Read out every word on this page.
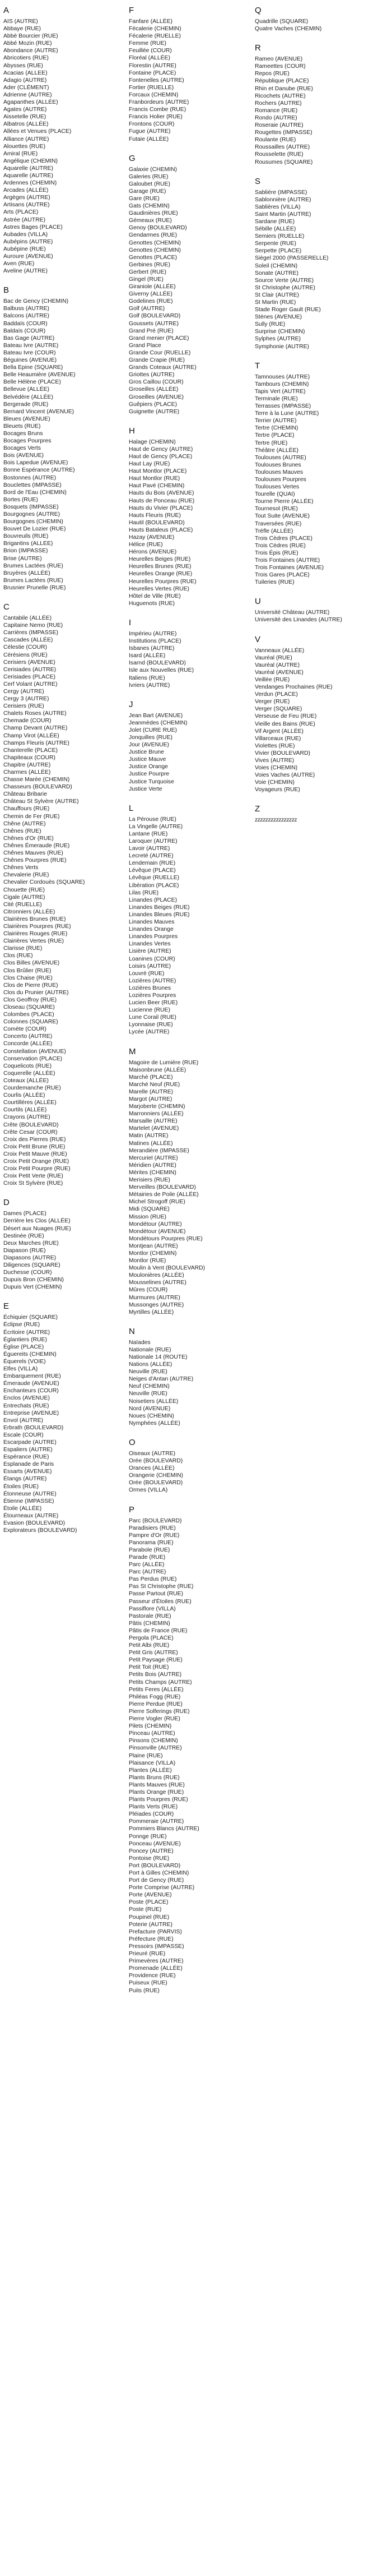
A
AIS (AUTRE)
Abbaye (RUE)
Abbé Bourcier (RUE)
Abbé Mozin (RUE)
Abondance (AUTRE)
Abricotiers (RUE)
Abysses (RUE)
Acacias (ALLEE)
Adagio (AUTRE)
Ader (CLÉMENT)
Adrienne (AUTRE)
Agapanthes (ALLÉE)
Agates (AUTRE)
Aissetelle (RUE)
Albatros (ALLÉE)
Allées et Venues (PLACE)
Alliance (AUTRE)
Alouettes (RUE)
Amiral (RUE)
Angélique (CHEMIN)
Aquarelle (AUTRE)
Aquarelle (AUTRE)
Ardennes (CHEMIN)
Arcades (ALLÉE)
Argèges (AUTRE)
Artisans (AUTRE)
Arts (PLACE)
Astrée (AUTRE)
Astres Bages (PLACE)
Aubades (VILLA)
Aubépins (AUTRE)
Aubépine (RUE)
Auroure (AVENUE)
Aven (RUE)
Aveline (AUTRE)
B
Bac de Gency (CHEMIN)
Balbuss (AUTRE)
Balcons (AUTRE)
Baddaïs (COUR)
Baldaïs (COUR)
Bas Gage (AUTRE)
Bateau Ivre (AUTRE)
Bateau Ivre (COUR)
Béguines (AVENUE)
Bella Epine (SQUARE)
Belle Heaumière (AVENUE)
Belle Hélène (PLACE)
Bellevue (ALLÉE)
Belvédère (ALLÉE)
Bergerade (RUE)
Bernard Vincent (AVENUE)
Bleues (AVENUE)
Bleuets (RUE)
Bocages Bruns
Bocages Pourpres
Bocages Verts
Bois (AVENUE)
Bois Lapedue (AVENUE)
Bonne Espérance (AUTRE)
Bostonnes (AUTRE)
Bouclettes (IMPASSE)
Bord de l'Eau (CHEMIN)
Bortes (RUE)
Bosquets (IMPASSE)
Bourgognes (AUTRE)
Bourgognes (CHEMIN)
Bouvet De Lozier (RUE)
Bouvreuils (RUE)
Brigantins (ALLEE)
Brion (IMPASSE)
Brise (AUTRE)
Brumes Lactées (RUE)
Bruyères (ALLÉE)
Brumes Lactées (RUE)
Brusnier Prunelle (RUE)
C
Cantabile (ALLÉE)
Capitaine Nemo (RUE)
Carrières (IMPASSE)
Cascades (ALLÉE)
Célestie (COUR)
Cérésiens (RUE)
Cerisiers (AVENUE)
Cerisiades (AUTRE)
Cerisiades (PLACE)
Cerf Volant (AUTRE)
Cergy (AUTRE)
Cergy 3 (AUTRE)
Cerisiers (RUE)
Chalets Roses (AUTRE)
Chemade (COUR)
Champ Devant (AUTRE)
Champ Virot (ALLÉE)
Champs Fleuris (AUTRE)
Chanterelle (PLACE)
Chapiteaux (COUR)
Chapitre (AUTRE)
Charmes (ALLÉE)
Chasse Marée (CHEMIN)
Chasseurs (BOULEVARD)
Château Bribarie
Château St Sylvère (AUTRE)
Chauffours (RUE)
Chemin de Fer (RUE)
Chêne (AUTRE)
Chênes (RUE)
Chênes d'Or (RUE)
Chênes Émeraude (RUE)
Chênes Mauves (RUE)
Chênes Pourpres (RUE)
Chênes Verts
Chevalerie (RUE)
Chevalier Cordouès (SQUARE)
Chouette (RUE)
Cigale (AUTRE)
Cité (RUELLE)
Citronniers (ALLÉE)
Clairières Brunes (RUE)
Clairières Pourpres (RUE)
Clairières Rouges (RUE)
Clairières Vertes (RUE)
Clarisse (RUE)
Clos (RUE)
Clos Billes (AVENUE)
Clos Brûlier (RUE)
Clos Chaise (RUE)
Clos de Pierre (RUE)
Clos du Prunier (AUTRE)
Clos Geoffroy (RUE)
Closeau (SQUARE)
Colombes (PLACE)
Colonnes (SQUARE)
Comète (COUR)
Concerto (AUTRE)
Concorde (ALLÉE)
Constellation (AVENUE)
Conservation (PLACE)
Coquelicots (RUE)
Coquerelle (ALLÉE)
Coteaux (ALLÉE)
Courdemanche (RUE)
Courlis (ALLÉE)
Courtillères (ALLÉE)
Courtils (ALLÉE)
Crayons (AUTRE)
Crête (BOULEVARD)
Crête Cesar (COUR)
Croix des Pierres (RUE)
Croix Petit Brune (RUE)
Croix Petit Mauve (RUE)
Croix Petit Orange (RUE)
Croix Petit Pourpre (RUE)
Croix Petit Verte (RUE)
Croix St Sylvère (RUE)
D
Dames (PLACE)
Derrière les Clos (ALLÉE)
Désert aux Nuages (RUE)
Destinée (RUE)
Deux Marches (RUE)
Diapason (RUE)
Diapasons (AUTRE)
Diligences (SQUARE)
Duchesse (COUR)
Dupuis Bron (CHEMIN)
Dupuis Vert (CHEMIN)
E
Échiquier (SQUARE)
Éclipse (RUE)
Écritoire (AUTRE)
Églantiers (RUE)
Église (PLACE)
Éguereits (CHEMIN)
Équerels (VOIE)
Elfes (VILLA)
Embarquement (RUE)
Émeraude (AVENUE)
Enchanteurs (COUR)
Enclos (AVENUE)
Entrechats (RUE)
Entreprise (AVENUE)
Envol (AUTRE)
Erbrath (BOULEVARD)
Escale (COUR)
Escarpade (AUTRE)
Espaliers (AUTRE)
Espérance (RUE)
Esplanade de Paris
Essarts (AVENUE)
Étangs (AUTRE)
Étoiles (RUE)
Étonneuse (AUTRE)
Étienne (IMPASSE)
Étoile (ALLÉE)
Étourneaux (AUTRE)
Evasion (BOULEVARD)
Explorateurs (BOULEVARD)
F
Fanfare (ALLÉE)
Fécalerie (CHEMIN)
Fécalerie (RUELLE)
Femme (RUE)
Feuillée (COUR)
Floréal (ALLÉE)
Florestin (AUTRE)
Fontaine (PLACE)
Fontenelles (AUTRE)
Fortier (RUELLE)
Forcaux (CHEMIN)
Franbordeurs (AUTRE)
Francis Combe (RUE)
Francis Holier (RUE)
Frontons (COUR)
Fugue (AUTRE)
Futaie (ALLÉE)
G
Galaxie (CHEMIN)
Galeries (RUE)
Galoubet (RUE)
Garage (RUE)
Gare (RUE)
Gats (CHEMIN)
Gaudinières (RUE)
Gémeaux (RUE)
Genoy (BOULEVARD)
Gendarmes (RUE)
Genottes (CHEMIN)
Genottes (CHEMIN)
Genottes (PLACE)
Gerbines (RUE)
Gerbert (RUE)
Gingel (RUE)
Giraniole (ALLÉE)
Giverny (ALLÉE)
Godelines (RUE)
Golf (AUTRE)
Golf (BOULEVARD)
Goussets (AUTRE)
Grand Pré (RUE)
Grand menier (PLACE)
Grand Place
Grande Cour (RUELLE)
Grande Crapie (RUE)
Grands Coteaux (AUTRE)
Griottes (AUTRE)
Gros Caillou (COUR)
Groseilles (ALLÉE)
Groseilles (AVENUE)
Guêpiers (PLACE)
Guignette (AUTRE)
H
Halage (CHEMIN)
Haut de Gency (AUTRE)
Haut de Gency (PLACE)
Haut Lay (RUE)
Haut Montlor (PLACE)
Haut Montlor (RUE)
Haut Pavé (CHEMIN)
Hauts du Bois (AVENUE)
Hauts de Ponceau (RUE)
Hauts du Vivier (PLACE)
Hauts Fleuris (RUE)
Hautil (BOULEVARD)
Hauts Bataleus (PLACE)
Hazay (AVENUE)
Hélice (RUE)
Hérons (AVENUE)
Heurelles Beiges (RUE)
Heurelles Brunes (RUE)
Heurelles Orange (RUE)
Heurelles Pourpres (RUE)
Heurelles Vertes (RUE)
Hôtel de Ville (RUE)
Huguenots (RUE)
I
Impérieu (AUTRE)
Institutions (PLACE)
Isbanes (AUTRE)
Isard (ALLÉE)
Isarnd (BOULEVARD)
Isle aux Nouvelles (RUE)
Italiens (RUE)
Ivriers (AUTRE)
J
Jean Bart (AVENUE)
Jeanmèdes (CHEMIN)
Jolet (CURE RUE)
Jonquilles (RUE)
Jour (AVENUE)
Justice Brune
Justice Mauve
Justice Orange
Justice Pourpre
Justice Turquoise
Justice Verte
L
La Pérouse (RUE)
La Vingelle (AUTRE)
Lantane (RUE)
Laroquer (AUTRE)
Lavoir (AUTRE)
Lecreté (AUTRE)
Lendemain (RUE)
Lévêque (PLACE)
Lévêque (RUELLE)
Libération (PLACE)
Lilas (RUE)
Linandes (PLACE)
Linandes Beiges (RUE)
Linandes Bleues (RUE)
Linandes Mauves
Linandes Orange
Linandes Pourpres
Linandes Vertes
Lisière (AUTRE)
Loanines (COUR)
Loisirs (AUTRE)
Louvrè (RUE)
Lozières (AUTRE)
Lozières Brunes
Lozières Pourpres
Lucien Beer (RUE)
Lucienne (RUE)
Lune Corail (RUE)
Lyonnaise (RUE)
Lycée (AUTRE)
M
Magoire de Lumière (RUE)
Maisonbrune (ALLÉE)
Marché (PLACE)
Marché Neuf (RUE)
Marelle (AUTRE)
Margot (AUTRE)
Marjoberte (CHEMIN)
Marronniers (ALLÉE)
Marsaille (AUTRE)
Martelet (AVENUE)
Matin (AUTRE)
Matines (ALLÉE)
Merandière (IMPASSE)
Mercuriel (AUTRE)
Méridien (AUTRE)
Mérites (CHEMIN)
Merisiers (RUE)
Merveilles (BOULEVARD)
Métairies de Poile (ALLÉE)
Michel Strogoff (RUE)
Midi (SQUARE)
Mission (RUE)
Mondétour (AUTRE)
Mondétour (AVENUE)
Mondétours Pourpres (RUE)
Montjean (AUTRE)
Montlor (CHEMIN)
Montlor (RUE)
Moulin à Vent (BOULEVARD)
Moulonières (ALLÉE)
Mousselines (AUTRE)
Mûres (COUR)
Murmures (AUTRE)
Mussonges (AUTRE)
Myrtilles (ALLÉE)
N
Naïades
Nationale (RUE)
Nationale 14 (ROUTE)
Nations (ALLÉE)
Neuville (RUE)
Neiges d'Antan (AUTRE)
Neuf (CHEMIN)
Neuville (RUE)
Noisetiers (ALLÉE)
Nord (AVENUE)
Noues (CHEMIN)
Nymphées (ALLÉE)
O
Oiseaux (AUTRE)
Orée (BOULEVARD)
Orances (ALLÉE)
Orangerie (CHEMIN)
Orée (BOULEVARD)
Ormes (VILLA)
P
Parc (BOULEVARD)
Paradisiers (RUE)
Pampre d'Or (RUE)
Panorama (RUE)
Parabole (RUE)
Parade (RUE)
Parc (ALLÉE)
Parc (AUTRE)
Pas Perdus (RUE)
Pas St Christophe (RUE)
Passe Partout (RUE)
Passeur d'Étoiles (RUE)
Passiflore (VILLA)
Pastorale (RUE)
Pâtis (CHEMIN)
Pâtis de France (RUE)
Pergola (PLACE)
Petit Albi (RUE)
Petit Gris (AUTRE)
Petit Paysage (RUE)
Petit Toit (RUE)
Petits Bois (AUTRE)
Petits Champs (AUTRE)
Petits Feres (ALLÉE)
Philéas Fogg (RUE)
Pierre Perdue (RUE)
Pierre Solferings (RUE)
Pierre Vogler (RUE)
Pilets (CHEMIN)
Pinceau (AUTRE)
Pinsons (CHEMIN)
Pinsonville (AUTRE)
Plaine (RUE)
Plaisance (VILLA)
Plantes (ALLÉE)
Plants Bruns (RUE)
Plants Mauves (RUE)
Plants Orange (RUE)
Plants Pourpres (RUE)
Plants Verts (RUE)
Pléiades (COUR)
Pommeraie (AUTRE)
Pommiers Blancs (AUTRE)
Ponnge (RUE)
Ponceau (AVENUE)
Poncey (AUTRE)
Pontoise (RUE)
Port (BOULEVARD)
Port à Gilles (CHEMIN)
Port de Gency (RUE)
Porte Comprise (AUTRE)
Porte (AVENUE)
Poste (PLACE)
Poste (RUE)
Poupinel (RUE)
Poterie (AUTRE)
Prefacture (PARVIS)
Préfecture (RUE)
Pressoirs (IMPASSE)
Prieuré (RUE)
Primevères (AUTRE)
Promenade (ALLÉE)
Providence (RUE)
Puiseux (RUE)
Puits (RUE)
Q
Quadrille (SQUARE)
Quatre Vaches (CHEMIN)
R
Rameo (AVENUE)
Rameettes (COUR)
Repos (RUE)
République (PLACE)
Rhin et Danube (RUE)
Ricochets (AUTRE)
Rochers (AUTRE)
Romance (RUE)
Rondo (AUTRE)
Roseraie (AUTRE)
Rougettes (IMPASSE)
Roulante (RUE)
Roussailles (AUTRE)
Rousselette (RUE)
Rousumes (SQUARE)
S
Sablière (IMPASSE)
Sablonnière (AUTRE)
Sablières (VILLA)
Saint Martin (AUTRE)
Sardane (RUE)
Sébille (ALLÉE)
Semiers (RUELLE)
Serpente (RUE)
Serpette (PLACE)
Siègel 2000 (PASSERELLE)
Soleil (CHEMIN)
Sonate (AUTRE)
Source Verte (AUTRE)
St Christophe (AUTRE)
St Clair (AUTRE)
St Martin (RUE)
Stade Roger Gault (RUE)
Stènes (AVENUE)
Sully (RUE)
Surprise (CHEMIN)
Sylphes (AUTRE)
Symphonie (AUTRE)
T
Tamnouses (AUTRE)
Tambours (CHEMIN)
Tapis Vert (AUTRE)
Terminale (RUE)
Terrasses (IMPASSE)
Terre à la Lune (AUTRE)
Terrier (AUTRE)
Tertre (CHEMIN)
Tertre (PLACE)
Tertre (RUE)
Théâtre (ALLÉE)
Toulouses (AUTRE)
Toulouses Brunes
Toulouses Mauves
Toulouses Pourpres
Toulouses Vertes
Tourelle (QUAI)
Tourne Pierre (ALLÉE)
Tournesol (RUE)
Tout Suite (AVENUE)
Traversées (RUE)
Trèfle (ALLÉE)
Trois Cèdres (PLACE)
Trois Cèdres (RUE)
Trois Épis (RUE)
Trois Fontaines (AUTRE)
Trois Fontaines (AVENUE)
Trois Gares (PLACE)
Tuileries (RUE)
U
Université Château (AUTRE)
Université des Linandes (AUTRE)
V
Vanneaux (ALLÉE)
Vauréal (RUE)
Vauréal (AUTRE)
Vauréal (AVENUE)
Veillée (RUE)
Vendanges Prochaines (RUE)
Verdun (PLACE)
Verger (RUE)
Verger (SQUARE)
Verseuse de Feu (RUE)
Vieille des Bains (RUE)
Vif Argent (ALLÉE)
Villarceaux (RUE)
Violettes (RUE)
Vivier (BOULEVARD)
Vives (AUTRE)
Voies (CHEMIN)
Voies Vaches (AUTRE)
Voie (CHEMIN)
Voyageurs (RUE)
Z
zzzzzzzzzzzzzzzz
